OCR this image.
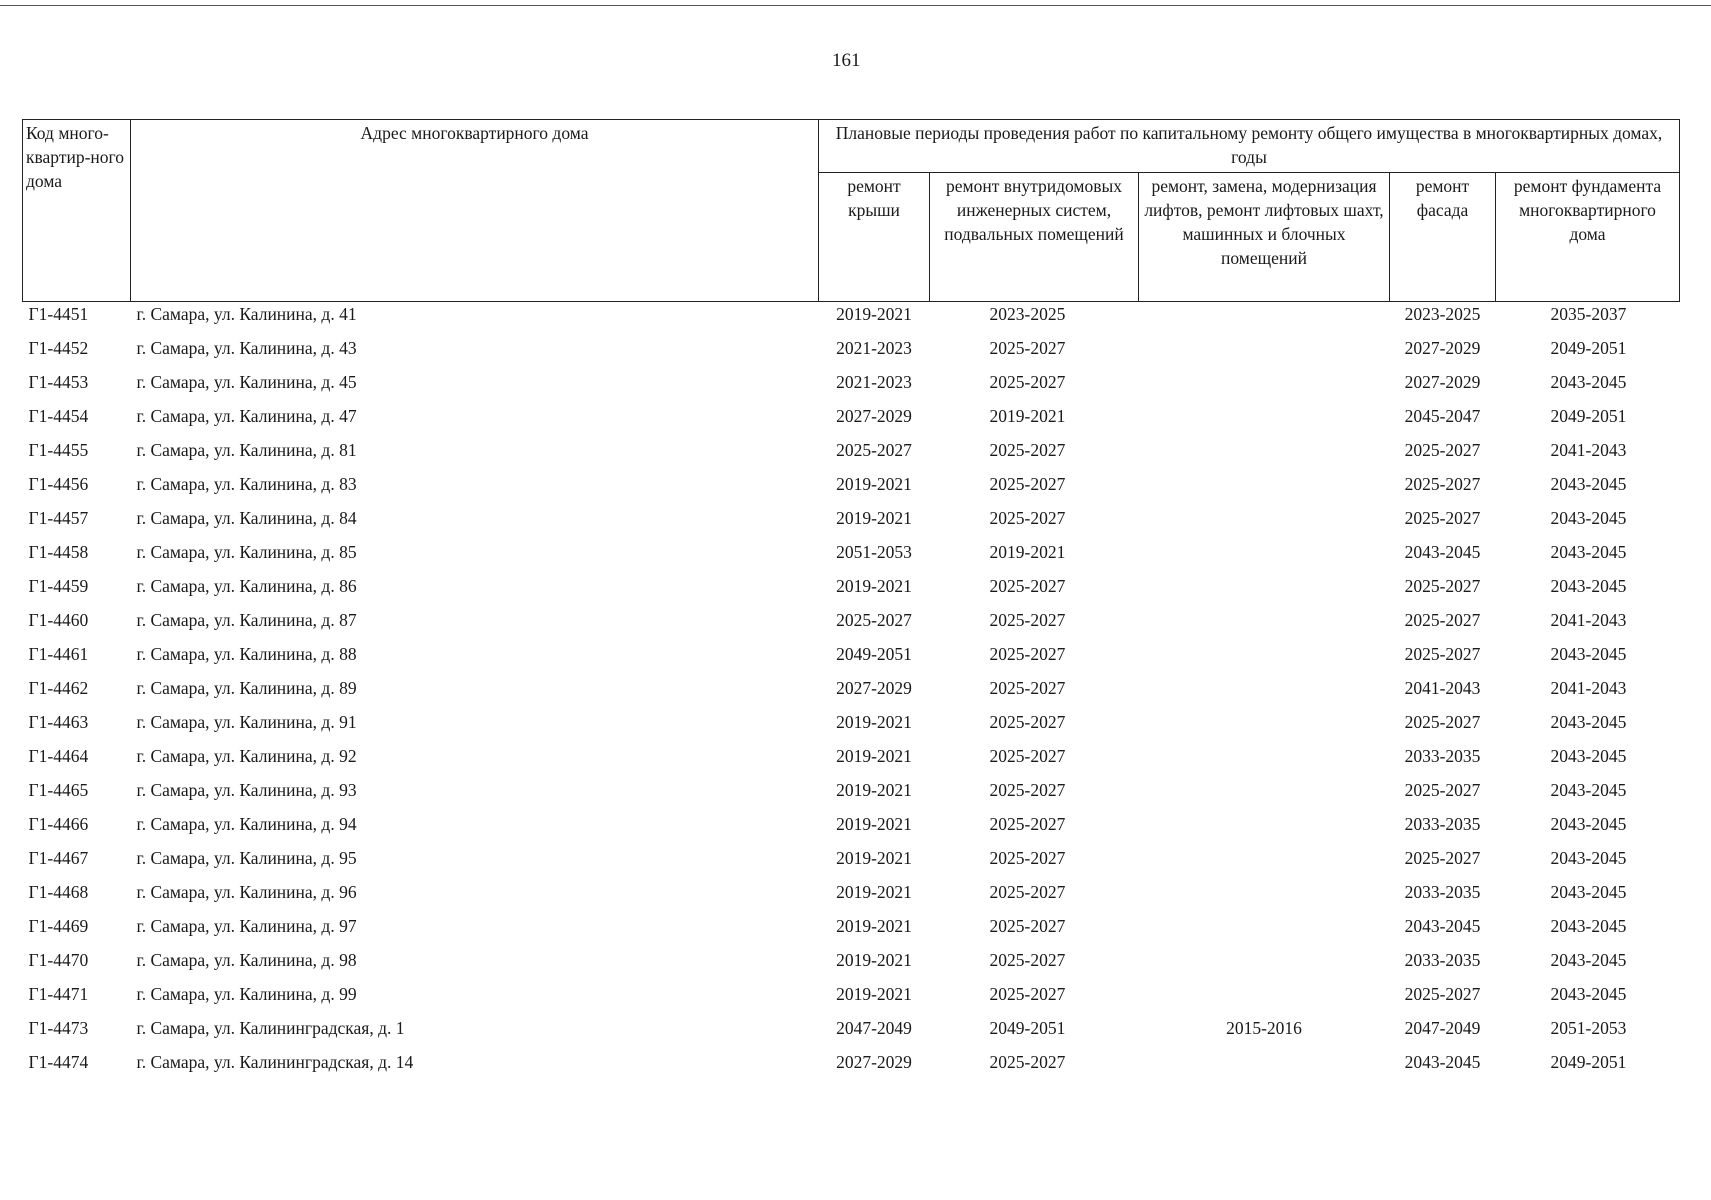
161
Код много-квартир-ного дома	Адрес многоквартирного дома	Плановые периоды проведения работ по капитальному ремонту общего имущества в многоквартирных домах, годы				
		ремонт крыши	ремонт внутридомовых инженерных систем, подвальных помещений	ремонт, замена, модернизация лифтов, ремонт лифтовых шахт, машинных и блочных помещений	ремонт фасада	ремонт фундамента многоквартирного дома
Г1-4451	г. Самара, ул. Калинина, д. 41	2019-2021	2023-2025		2023-2025	2035-2037
Г1-4452	г. Самара, ул. Калинина, д. 43	2021-2023	2025-2027		2027-2029	2049-2051
Г1-4453	г. Самара, ул. Калинина, д. 45	2021-2023	2025-2027		2027-2029	2043-2045
Г1-4454	г. Самара, ул. Калинина, д. 47	2027-2029	2019-2021		2045-2047	2049-2051
Г1-4455	г. Самара, ул. Калинина, д. 81	2025-2027	2025-2027		2025-2027	2041-2043
Г1-4456	г. Самара, ул. Калинина, д. 83	2019-2021	2025-2027		2025-2027	2043-2045
Г1-4457	г. Самара, ул. Калинина, д. 84	2019-2021	2025-2027		2025-2027	2043-2045
Г1-4458	г. Самара, ул. Калинина, д. 85	2051-2053	2019-2021		2043-2045	2043-2045
Г1-4459	г. Самара, ул. Калинина, д. 86	2019-2021	2025-2027		2025-2027	2043-2045
Г1-4460	г. Самара, ул. Калинина, д. 87	2025-2027	2025-2027		2025-2027	2041-2043
Г1-4461	г. Самара, ул. Калинина, д. 88	2049-2051	2025-2027		2025-2027	2043-2045
Г1-4462	г. Самара, ул. Калинина, д. 89	2027-2029	2025-2027		2041-2043	2041-2043
Г1-4463	г. Самара, ул. Калинина, д. 91	2019-2021	2025-2027		2025-2027	2043-2045
Г1-4464	г. Самара, ул. Калинина, д. 92	2019-2021	2025-2027		2033-2035	2043-2045
Г1-4465	г. Самара, ул. Калинина, д. 93	2019-2021	2025-2027		2025-2027	2043-2045
Г1-4466	г. Самара, ул. Калинина, д. 94	2019-2021	2025-2027		2033-2035	2043-2045
Г1-4467	г. Самара, ул. Калинина, д. 95	2019-2021	2025-2027		2025-2027	2043-2045
Г1-4468	г. Самара, ул. Калинина, д. 96	2019-2021	2025-2027		2033-2035	2043-2045
Г1-4469	г. Самара, ул. Калинина, д. 97	2019-2021	2025-2027		2043-2045	2043-2045
Г1-4470	г. Самара, ул. Калинина, д. 98	2019-2021	2025-2027		2033-2035	2043-2045
Г1-4471	г. Самара, ул. Калинина, д. 99	2019-2021	2025-2027		2025-2027	2043-2045
Г1-4473	г. Самара, ул. Калининградская, д. 1	2047-2049	2049-2051	2015-2016	2047-2049	2051-2053
Г1-4474	г. Самара, ул. Калининградская, д. 14	2027-2029	2025-2027		2043-2045	2049-2051
